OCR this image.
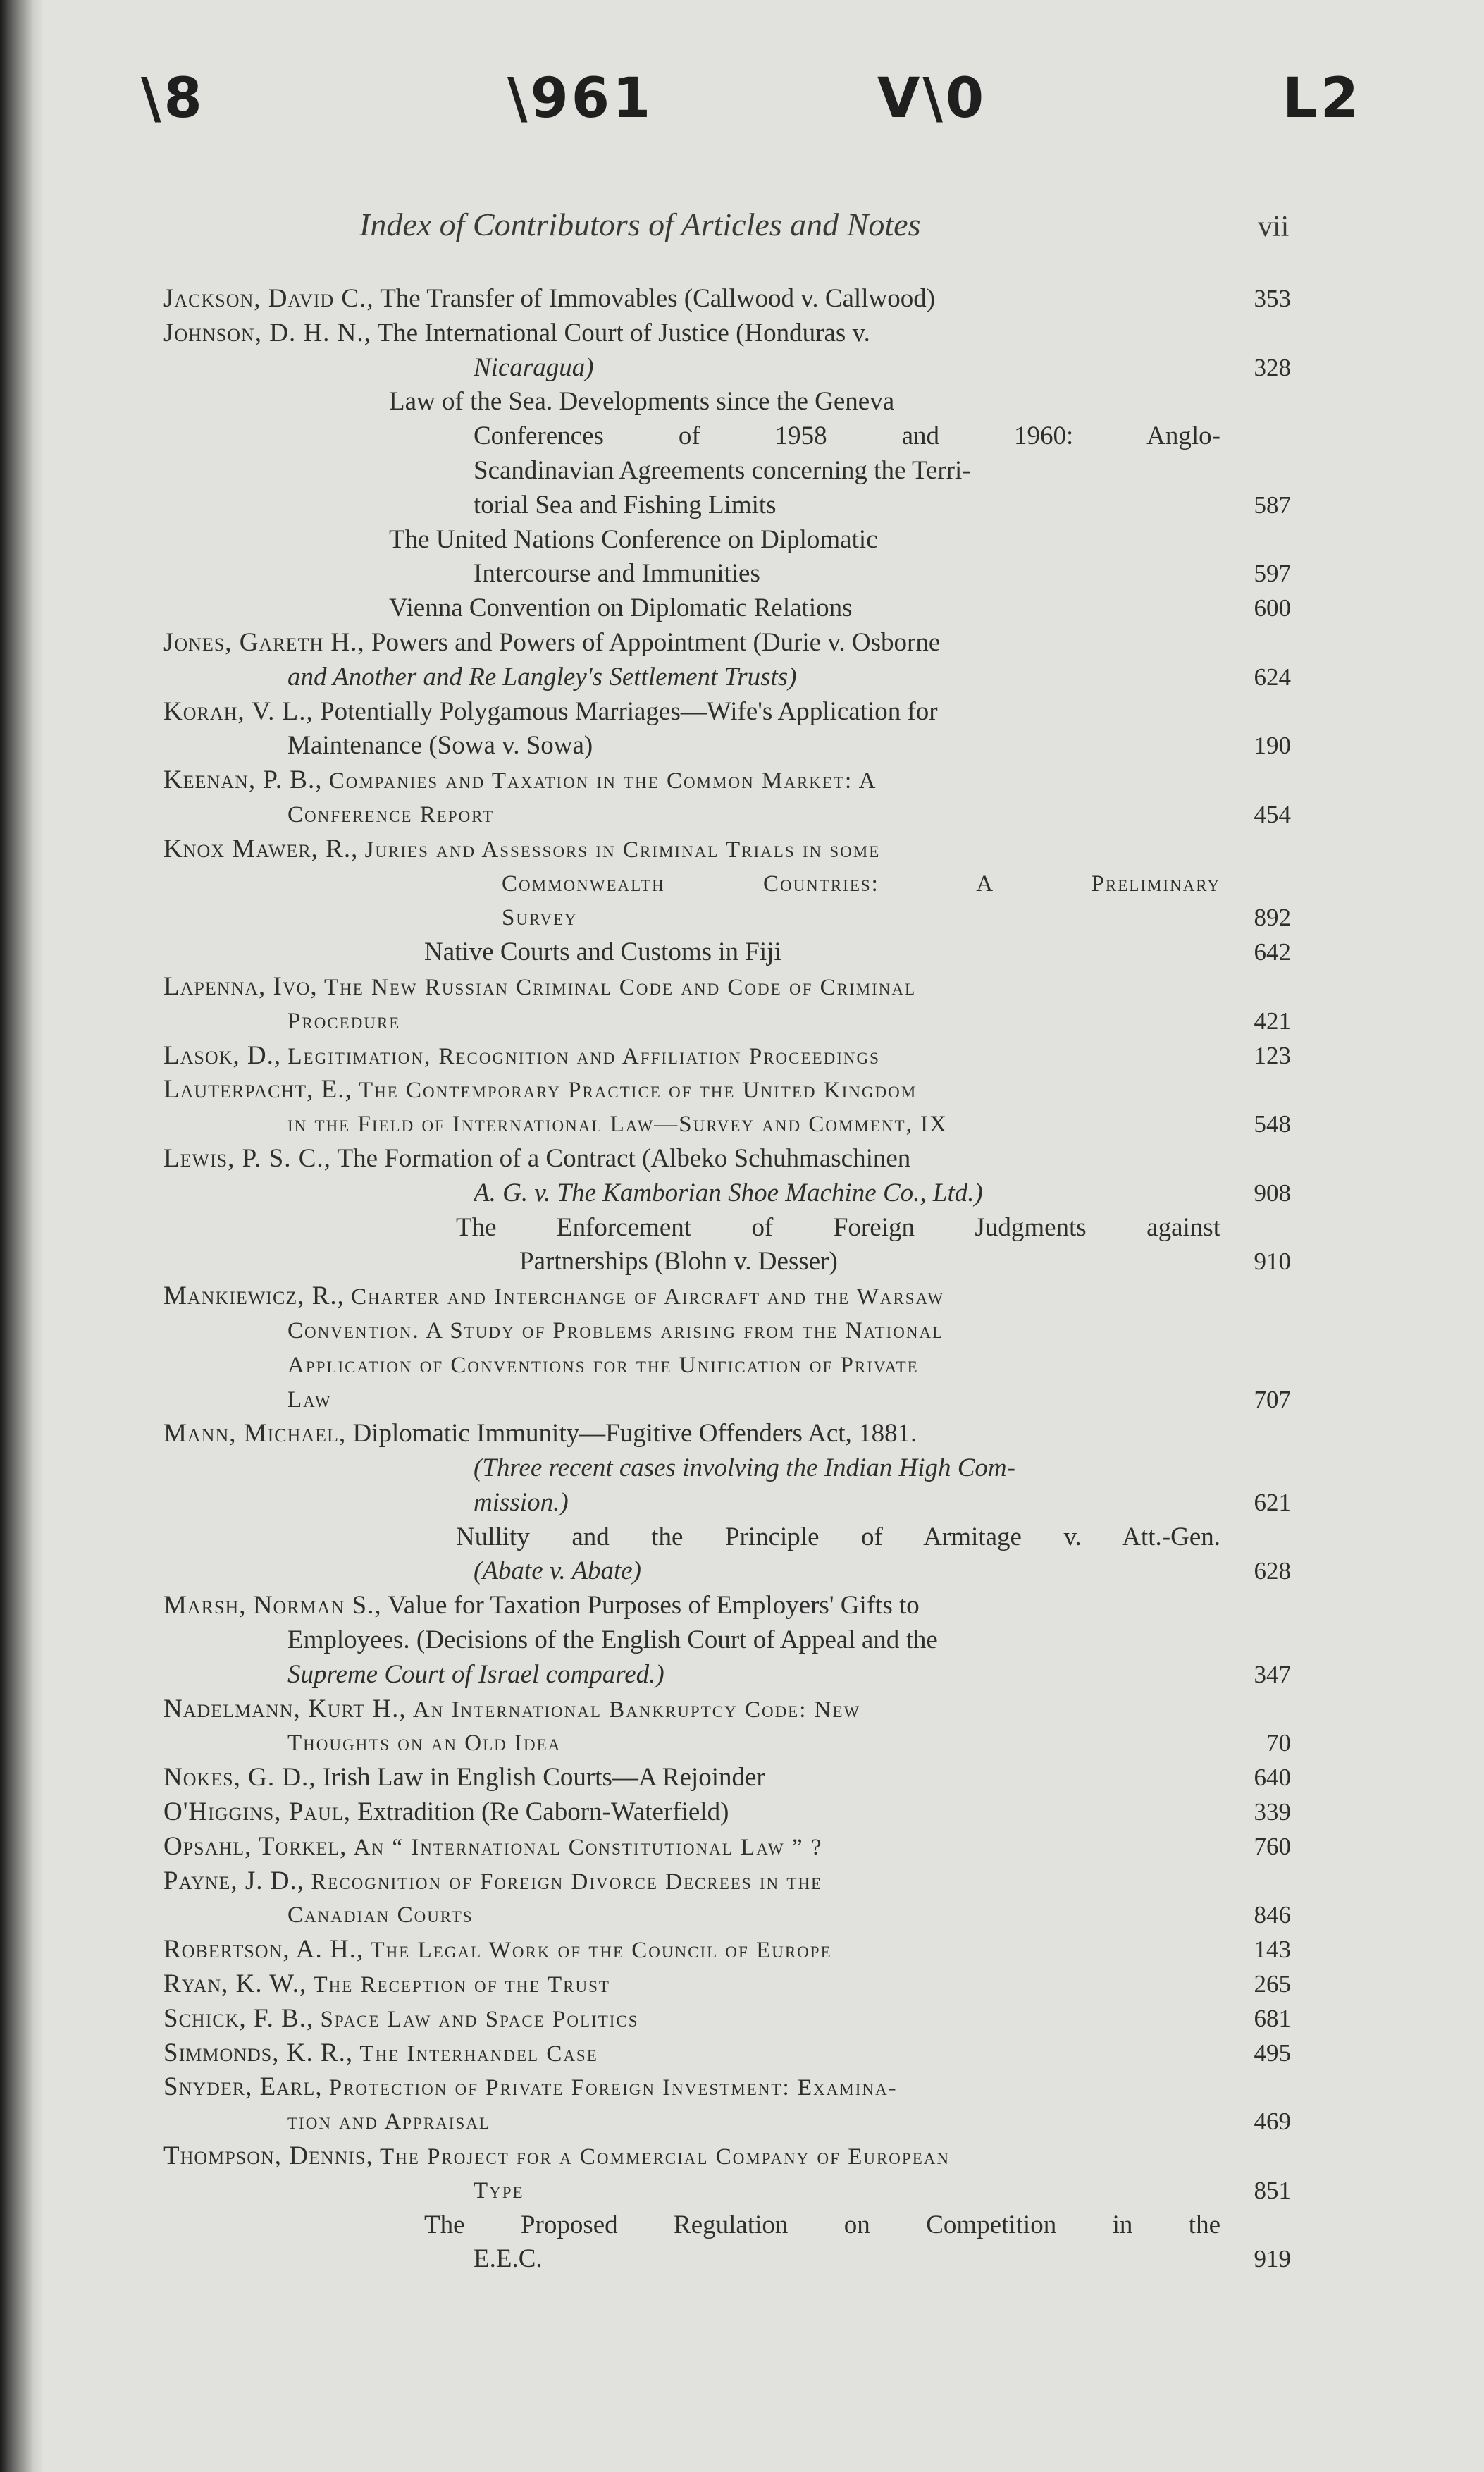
\8	\961	V\0	L2
Index of Contributors of Articles and Notes	vii
Jackson, David C., The Transfer of Immovables (Callwood v. Callwood)	353
Johnson, D. H. N., The International Court of Justice (Honduras v.
Nicaragua)	328
Law of the Sea. Developments since the Geneva
Conferences of 1958 and 1960: Anglo-
Scandinavian Agreements concerning the Terri-
torial Sea and Fishing Limits	587
The United Nations Conference on Diplomatic
Intercourse and Immunities	597
Vienna Convention on Diplomatic Relations	600
Jones, Gareth H., Powers and Powers of Appointment (Durie v. Osborne
and Another and Re Langley's Settlement Trusts)	624
Korah, V. L., Potentially Polygamous Marriages—Wife's Application for
Maintenance (Sowa v. Sowa)	190
Keenan, P. B., Companies and Taxation in the Common Market: A
Conference Report	454
Knox Mawer, R., Juries and Assessors in Criminal Trials in some
Commonwealth Countries: A Preliminary
Survey	892
Native Courts and Customs in Fiji	642
Lapenna, Ivo, The New Russian Criminal Code and Code of Criminal
Procedure	421
Lasok, D., Legitimation, Recognition and Affiliation Proceedings	123
Lauterpacht, E., The Contemporary Practice of the United Kingdom
in the Field of International Law—Survey and Comment, IX	548
Lewis, P. S. C., The Formation of a Contract (Albeko Schuhmaschinen
A. G. v. The Kamborian Shoe Machine Co., Ltd.)	908
The Enforcement of Foreign Judgments against
Partnerships (Blohn v. Desser)	910
Mankiewicz, R., Charter and Interchange of Aircraft and the Warsaw
Convention. A Study of Problems arising from the National
Application of Conventions for the Unification of Private
Law	707
Mann, Michael, Diplomatic Immunity—Fugitive Offenders Act, 1881.
(Three recent cases involving the Indian High Com-
mission.)	621
Nullity and the Principle of Armitage v. Att.-Gen.
(Abate v. Abate)	628
Marsh, Norman S., Value for Taxation Purposes of Employers' Gifts to
Employees. (Decisions of the English Court of Appeal and the
Supreme Court of Israel compared.)	347
Nadelmann, Kurt H., An International Bankruptcy Code: New
Thoughts on an Old Idea	70
Nokes, G. D., Irish Law in English Courts—A Rejoinder	640
O'Higgins, Paul, Extradition (Re Caborn-Waterfield)	339
Opsahl, Torkel, An “ International Constitutional Law ” ?	760
Payne, J. D., Recognition of Foreign Divorce Decrees in the
Canadian Courts	846
Robertson, A. H., The Legal Work of the Council of Europe	143
Ryan, K. W., The Reception of the Trust	265
Schick, F. B., Space Law and Space Politics	681
Simmonds, K. R., The Interhandel Case	495
Snyder, Earl, Protection of Private Foreign Investment: Examina-
tion and Appraisal	469
Thompson, Dennis, The Project for a Commercial Company of European
Type	851
The Proposed Regulation on Competition in the
E.E.C.	919
